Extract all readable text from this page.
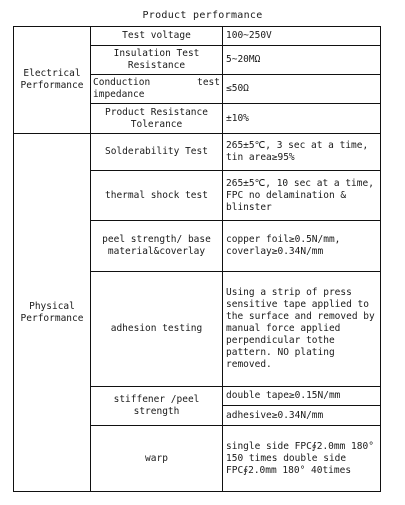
Product performance
Electrical Performance	Test voltage	100~250V
	Insulation Test Resistance	5~20MΩ
	Conduction test impedance	≤50Ω
	Product Resistance Tolerance	±10%
Physical Performance	Solderability Test	265±5℃, 3 sec at a time, tin area≥95%
	thermal shock test	265±5℃, 10 sec at a time, FPC no delamination & blinster
	peel strength/ base material&coverlay	copper foil≥0.5N/mm, coverlay≥0.34N/mm
	adhesion testing	Using a strip of press sensitive tape applied to the surface and removed by manual force applied perpendicular tothe pattern. NO plating removed.
	stiffener /peel strength	double tape≥0.15N/mm
		adhesive≥0.34N/mm
	warp	single side FPC∮2.0mm 180° 150 times double side FPC∮2.0mm 180° 40times
